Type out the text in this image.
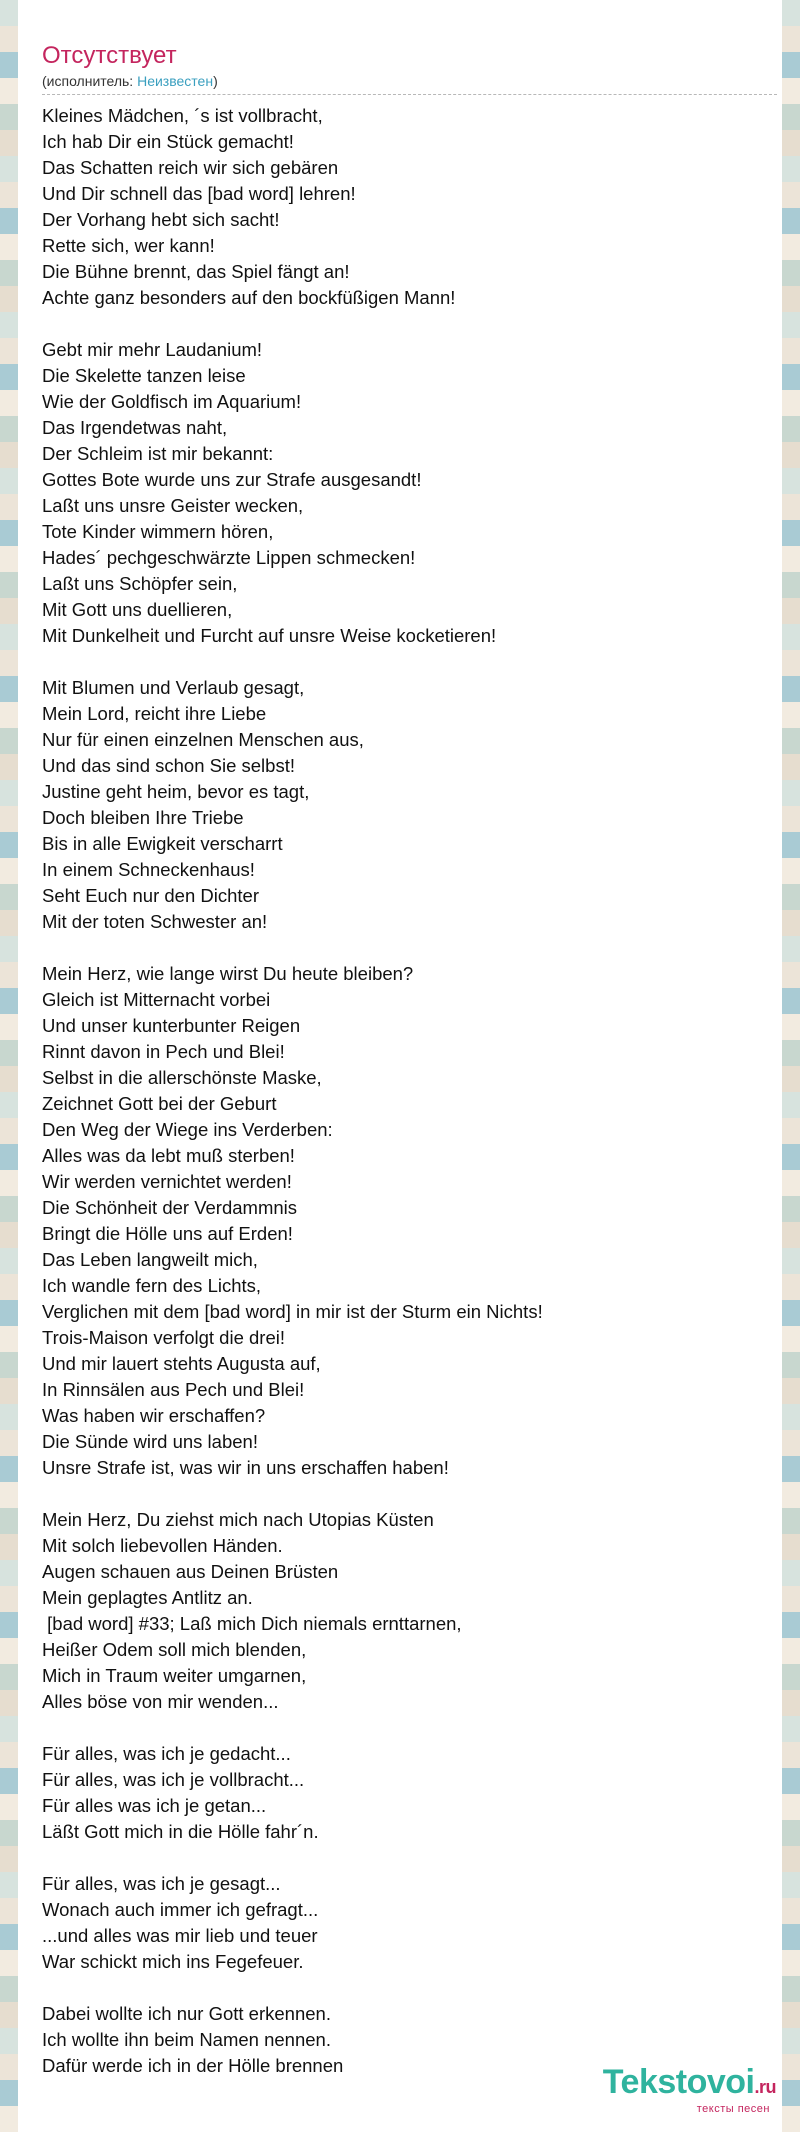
Отсутствует
(исполнитель: Неизвестен)
Kleines Mädchen, ´s ist vollbracht,
Ich hab Dir ein Stück gemacht!
Das Schatten reich wir sich gebären
Und Dir schnell das [bad word] lehren!
Der Vorhang hebt sich sacht!
Rette sich, wer kann!
Die Bühne brennt, das Spiel fängt an!
Achte ganz besonders auf den bockfüßigen Mann!
Gebt mir mehr Laudanium!
Die Skelette tanzen leise
Wie der Goldfisch im Aquarium!
Das Irgendetwas naht,
Der Schleim ist mir bekannt:
Gottes Bote wurde uns zur Strafe ausgesandt!
Laßt uns unsre Geister wecken,
Tote Kinder wimmern hören,
Hades´ pechgeschwärzte Lippen schmecken!
Laßt uns Schöpfer sein,
Mit Gott uns duellieren,
Mit Dunkelheit und Furcht auf unsre Weise kocketieren!
Mit Blumen und Verlaub gesagt,
Mein Lord, reicht ihre Liebe
Nur für einen einzelnen Menschen aus,
Und das sind schon Sie selbst!
Justine geht heim, bevor es tagt,
Doch bleiben Ihre Triebe
Bis in alle Ewigkeit verscharrt
In einem Schneckenhaus!
Seht Euch nur den Dichter
Mit der toten Schwester an!
Mein Herz, wie lange wirst Du heute bleiben?
Gleich ist Mitternacht vorbei
Und unser kunterbunter Reigen
Rinnt davon in Pech und Blei!
Selbst in die allerschönste Maske,
Zeichnet Gott bei der Geburt
Den Weg der Wiege ins Verderben:
Alles was da lebt muß sterben!
Wir werden vernichtet werden!
Die Schönheit der Verdammnis
Bringt die Hölle uns auf Erden!
Das Leben langweilt mich,
Ich wandle fern des Lichts,
Verglichen mit dem [bad word] in mir ist der Sturm ein Nichts!
Trois-Maison verfolgt die drei!
Und mir lauert stehts Augusta auf,
In Rinnsälen aus Pech und Blei!
Was haben wir erschaffen?
Die Sünde wird uns laben!
Unsre Strafe ist, was wir in uns erschaffen haben!
Mein Herz, Du ziehst mich nach Utopias Küsten
Mit solch liebevollen Händen.
Augen schauen aus Deinen Brüsten
Mein geplagtes Antlitz an.
[bad word] #33; Laß mich Dich niemals ernttarnen,
Heißer Odem soll mich blenden,
Mich in Traum weiter umgarnen,
Alles böse von mir wenden...
Für alles, was ich je gedacht...
Für alles, was ich je vollbracht...
Für alles was ich je getan...
Läßt Gott mich in die Hölle fahr´n.
Für alles, was ich je gesagt...
Wonach auch immer ich gefragt...
...und alles was mir lieb und teuer
War schickt mich ins Fegefeuer.
Dabei wollte ich nur Gott erkennen.
Ich wollte ihn beim Namen nennen.
Dafür werde ich in der Hölle brennen	Tekstovoi.ru
тексты песен
